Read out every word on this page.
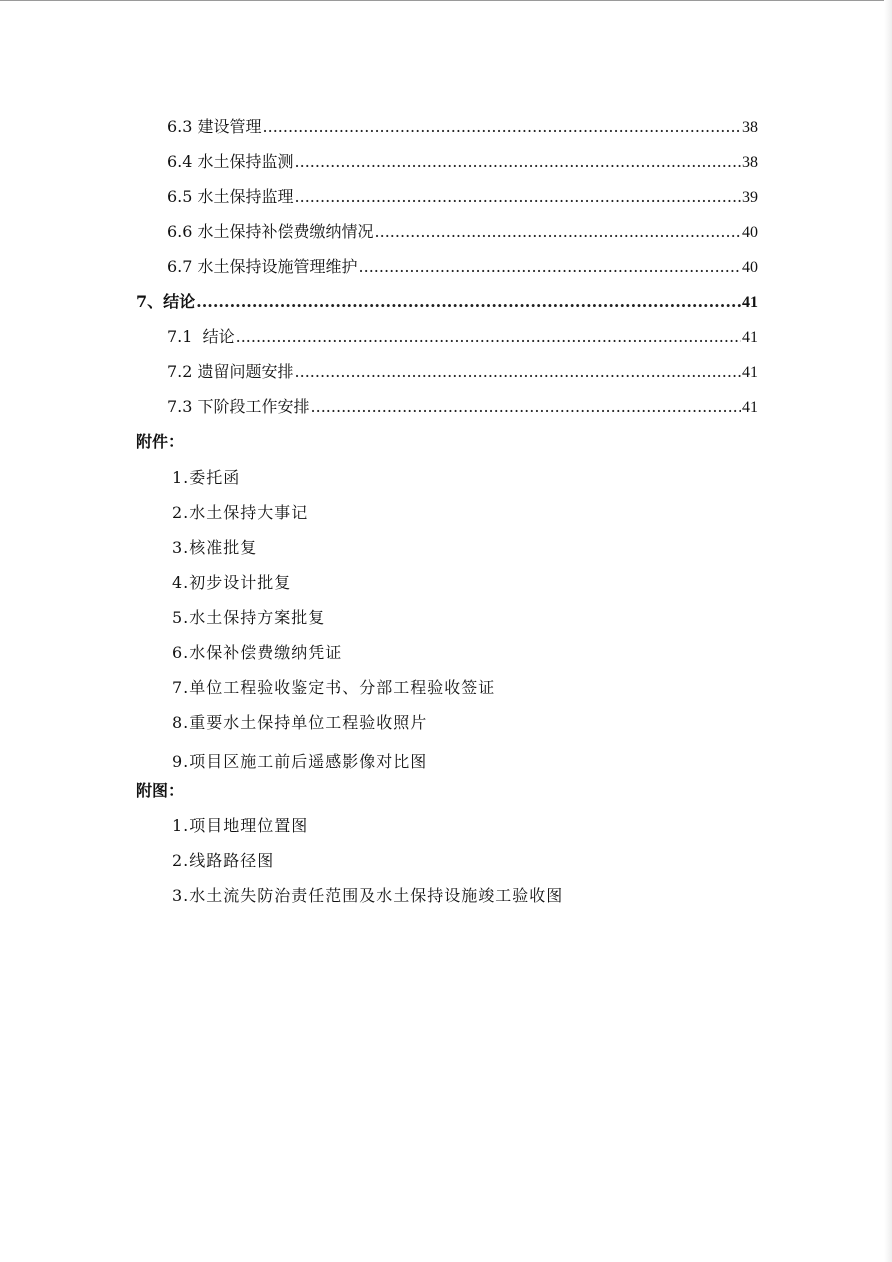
6.3 建设管理 .....	38
6.4 水土保持监测 .....	38
6.5 水土保持监理 .....	39
6.6 水土保持补偿费缴纳情况 .....	40
6.7 水土保持设施管理维护 .....	40
7、结论 .....	41
7.1  结论 .....	41
7.2 遗留问题安排 .....	41
7.3 下阶段工作安排 .....	41
附件：
1.委托函
2.水土保持大事记
3.核准批复
4.初步设计批复
5.水土保持方案批复
6.水保补偿费缴纳凭证
7.单位工程验收鉴定书、分部工程验收签证
8.重要水土保持单位工程验收照片
9.项目区施工前后遥感影像对比图
附图：
1.项目地理位置图
2.线路路径图
3.水土流失防治责任范围及水土保持设施竣工验收图
